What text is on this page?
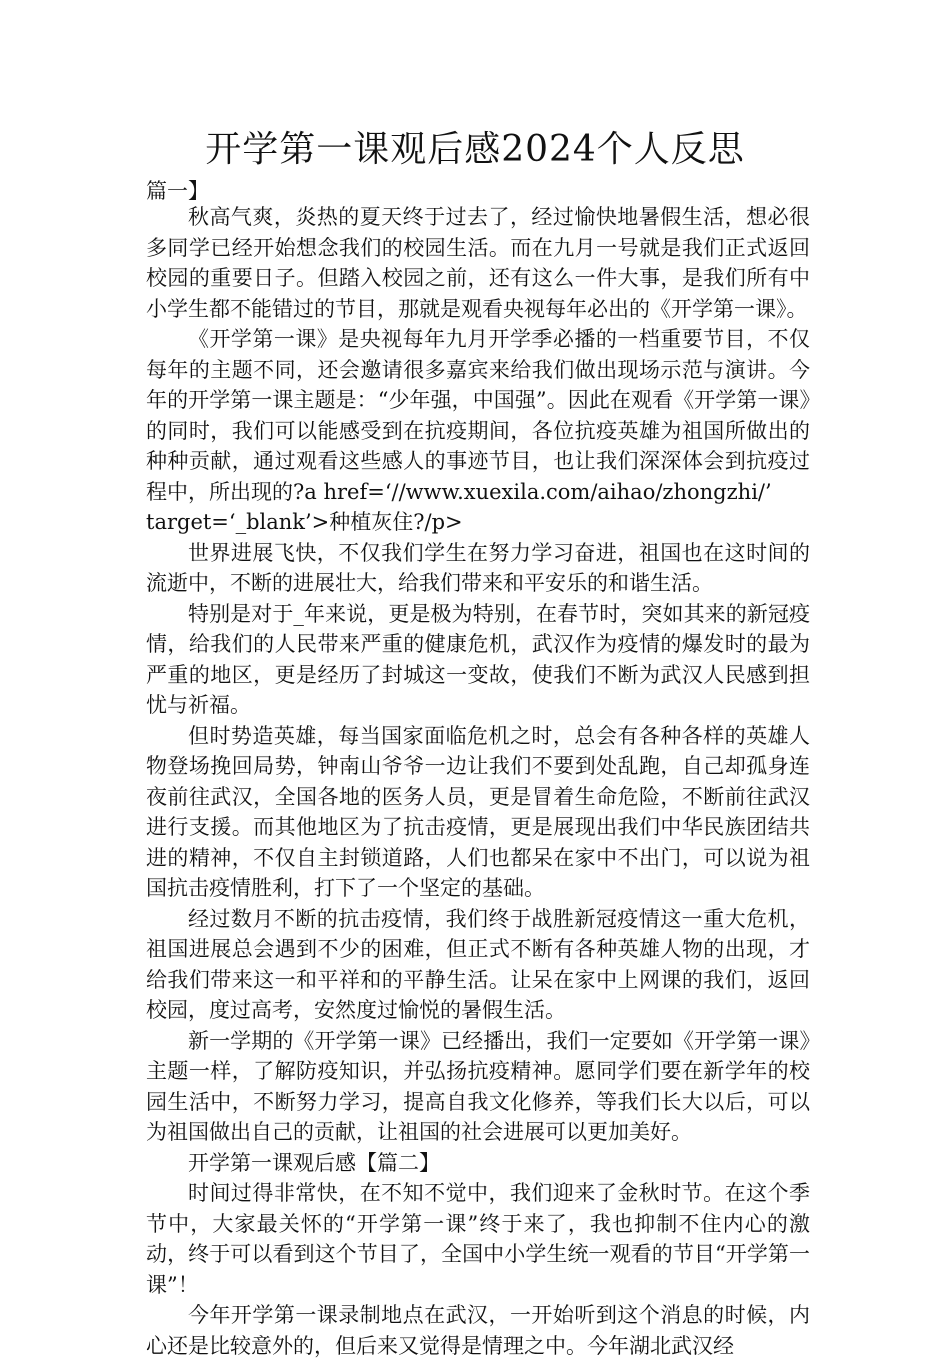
开学第一课观后感2024个人反思
篇一】

秋高气爽，炎热的夏天终于过去了，经过愉快地暑假生活，想必很多同学已经开始想念我们的校园生活。而在九月一号就是我们正式返回校园的重要日子。但踏入校园之前，还有这么一件大事，是我们所有中小学生都不能错过的节目，那就是观看央视每年必出的《开学第一课》。

《开学第一课》是央视每年九月开学季必播的一档重要节目，不仅每年的主题不同，还会邀请很多嘉宾来给我们做出现场示范与演讲。今年的开学第一课主题是：“少年强，中国强”。因此在观看《开学第一课》的同时，我们可以能感受到在抗疫期间，各位抗疫英雄为祖国所做出的种种贡献，通过观看这些感人的事迹节目，也让我们深深体会到抗疫过程中，所出现的?a href=‘//www.xuexila.com/aihao/zhongzhi/’

target=‘_blank’>种植灰住?/p>

世界进展飞快，不仅我们学生在努力学习奋进，祖国也在这时间的流逝中，不断的进展壮大，给我们带来和平安乐的和谐生活。

特别是对于_年来说，更是极为特别，在春节时，突如其来的新冠疫情，给我们的人民带来严重的健康危机，武汉作为疫情的爆发时的最为严重的地区，更是经历了封城这一变故，使我们不断为武汉人民感到担忧与祈福。

但时势造英雄，每当国家面临危机之时，总会有各种各样的英雄人物登场挽回局势，钟南山爷爷一边让我们不要到处乱跑，自己却孤身连夜前往武汉，全国各地的医务人员，更是冒着生命危险，不断前往武汉进行支援。而其他地区为了抗击疫情，更是展现出我们中华民族团结共进的精神，不仅自主封锁道路，人们也都呆在家中不出门，可以说为祖国抗击疫情胜利，打下了一个坚定的基础。

经过数月不断的抗击疫情，我们终于战胜新冠疫情这一重大危机，祖国进展总会遇到不少的困难，但正式不断有各种英雄人物的出现，才给我们带来这一和平祥和的平静生活。让呆在家中上网课的我们，返回校园，度过高考，安然度过愉悦的暑假生活。

新一学期的《开学第一课》已经播出，我们一定要如《开学第一课》主题一样，了解防疫知识，并弘扬抗疫精神。愿同学们要在新学年的校园生活中，不断努力学习，提高自我文化修养，等我们长大以后，可以为祖国做出自己的贡献，让祖国的社会进展可以更加美好。

开学第一课观后感【篇二】

时间过得非常快，在不知不觉中，我们迎来了金秋时节。在这个季节中，大家最关怀的“开学第一课”终于来了，我也抑制不住内心的激动，终于可以看到这个节目了，全国中小学生统一观看的节目“开学第一课”！

今年开学第一课录制地点在武汉，一开始听到这个消息的时候，内心还是比较意外的，但后来又觉得是情理之中。今年湖北武汉经
